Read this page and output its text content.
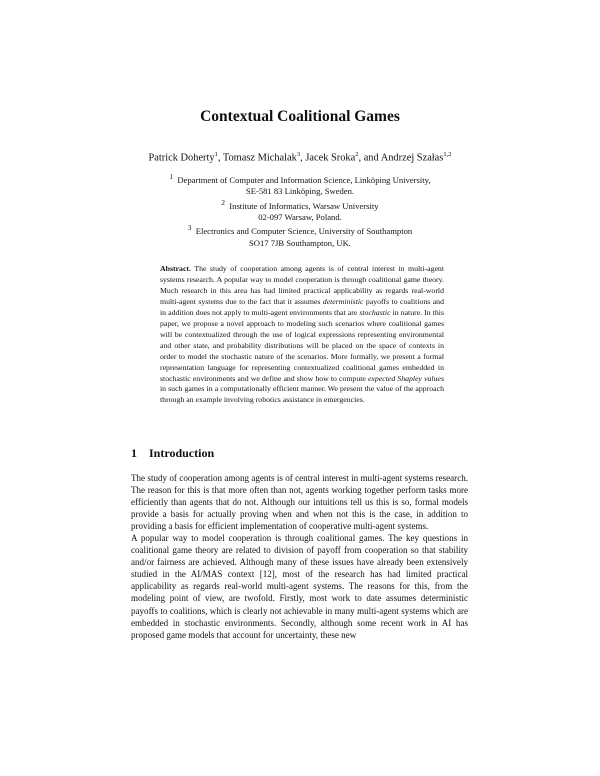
Contextual Coalitional Games
Patrick Doherty$^1$, Tomasz Michalak$^3$, Jacek Sroka$^2$, and Andrzej Szałas$^{1,2}$
$^1$ Department of Computer and Information Science, Linköping University,
SE-581 83 Linköping, Sweden.
$^2$ Institute of Informatics, Warsaw University
02-097 Warsaw, Poland.
$^3$ Electronics and Computer Science, University of Southampton
SO17 7JB Southampton, UK.
Abstract. The study of cooperation among agents is of central interest in multi-agent systems research. A popular way to model cooperation is through coalitional game theory. Much research in this area has had limited practical applicability as regards real-world multi-agent systems due to the fact that it assumes deterministic payoffs to coalitions and in addition does not apply to multi-agent environments that are stochastic in nature. In this paper, we propose a novel approach to modeling such scenarios where coalitional games will be contextualized through the use of logical expressions representing environmental and other state, and probability distributions will be placed on the space of contexts in order to model the stochastic nature of the scenarios. More formally, we present a formal representation language for representing contextualized coalitional games embedded in stochastic environments and we define and show how to compute expected Shapley values in such games in a computationally efficient manner. We present the value of the approach through an example involving robotics assistance in emergencies.
1 Introduction

The study of cooperation among agents is of central interest in multi-agent systems research. The reason for this is that more often than not, agents working together perform tasks more efficiently than agents that do not. Although our intuitions tell us this is so, formal models provide a basis for actually proving when and when not this is the case, in addition to providing a basis for efficient implementation of cooperative multi-agent systems.

A popular way to model cooperation is through coalitional games. The key questions in coalitional game theory are related to division of payoff from cooperation so that stability and/or fairness are achieved. Although many of these issues have already been extensively studied in the AI/MAS context [12], most of the research has had limited practical applicability as regards real-world multi-agent systems. The reasons for this, from the modeling point of view, are twofold. Firstly, most work to date assumes deterministic payoffs to coalitions, which is clearly not achievable in many multi-agent systems which are embedded in stochastic environments. Secondly, although some recent work in AI has proposed game models that account for uncertainty, these new
